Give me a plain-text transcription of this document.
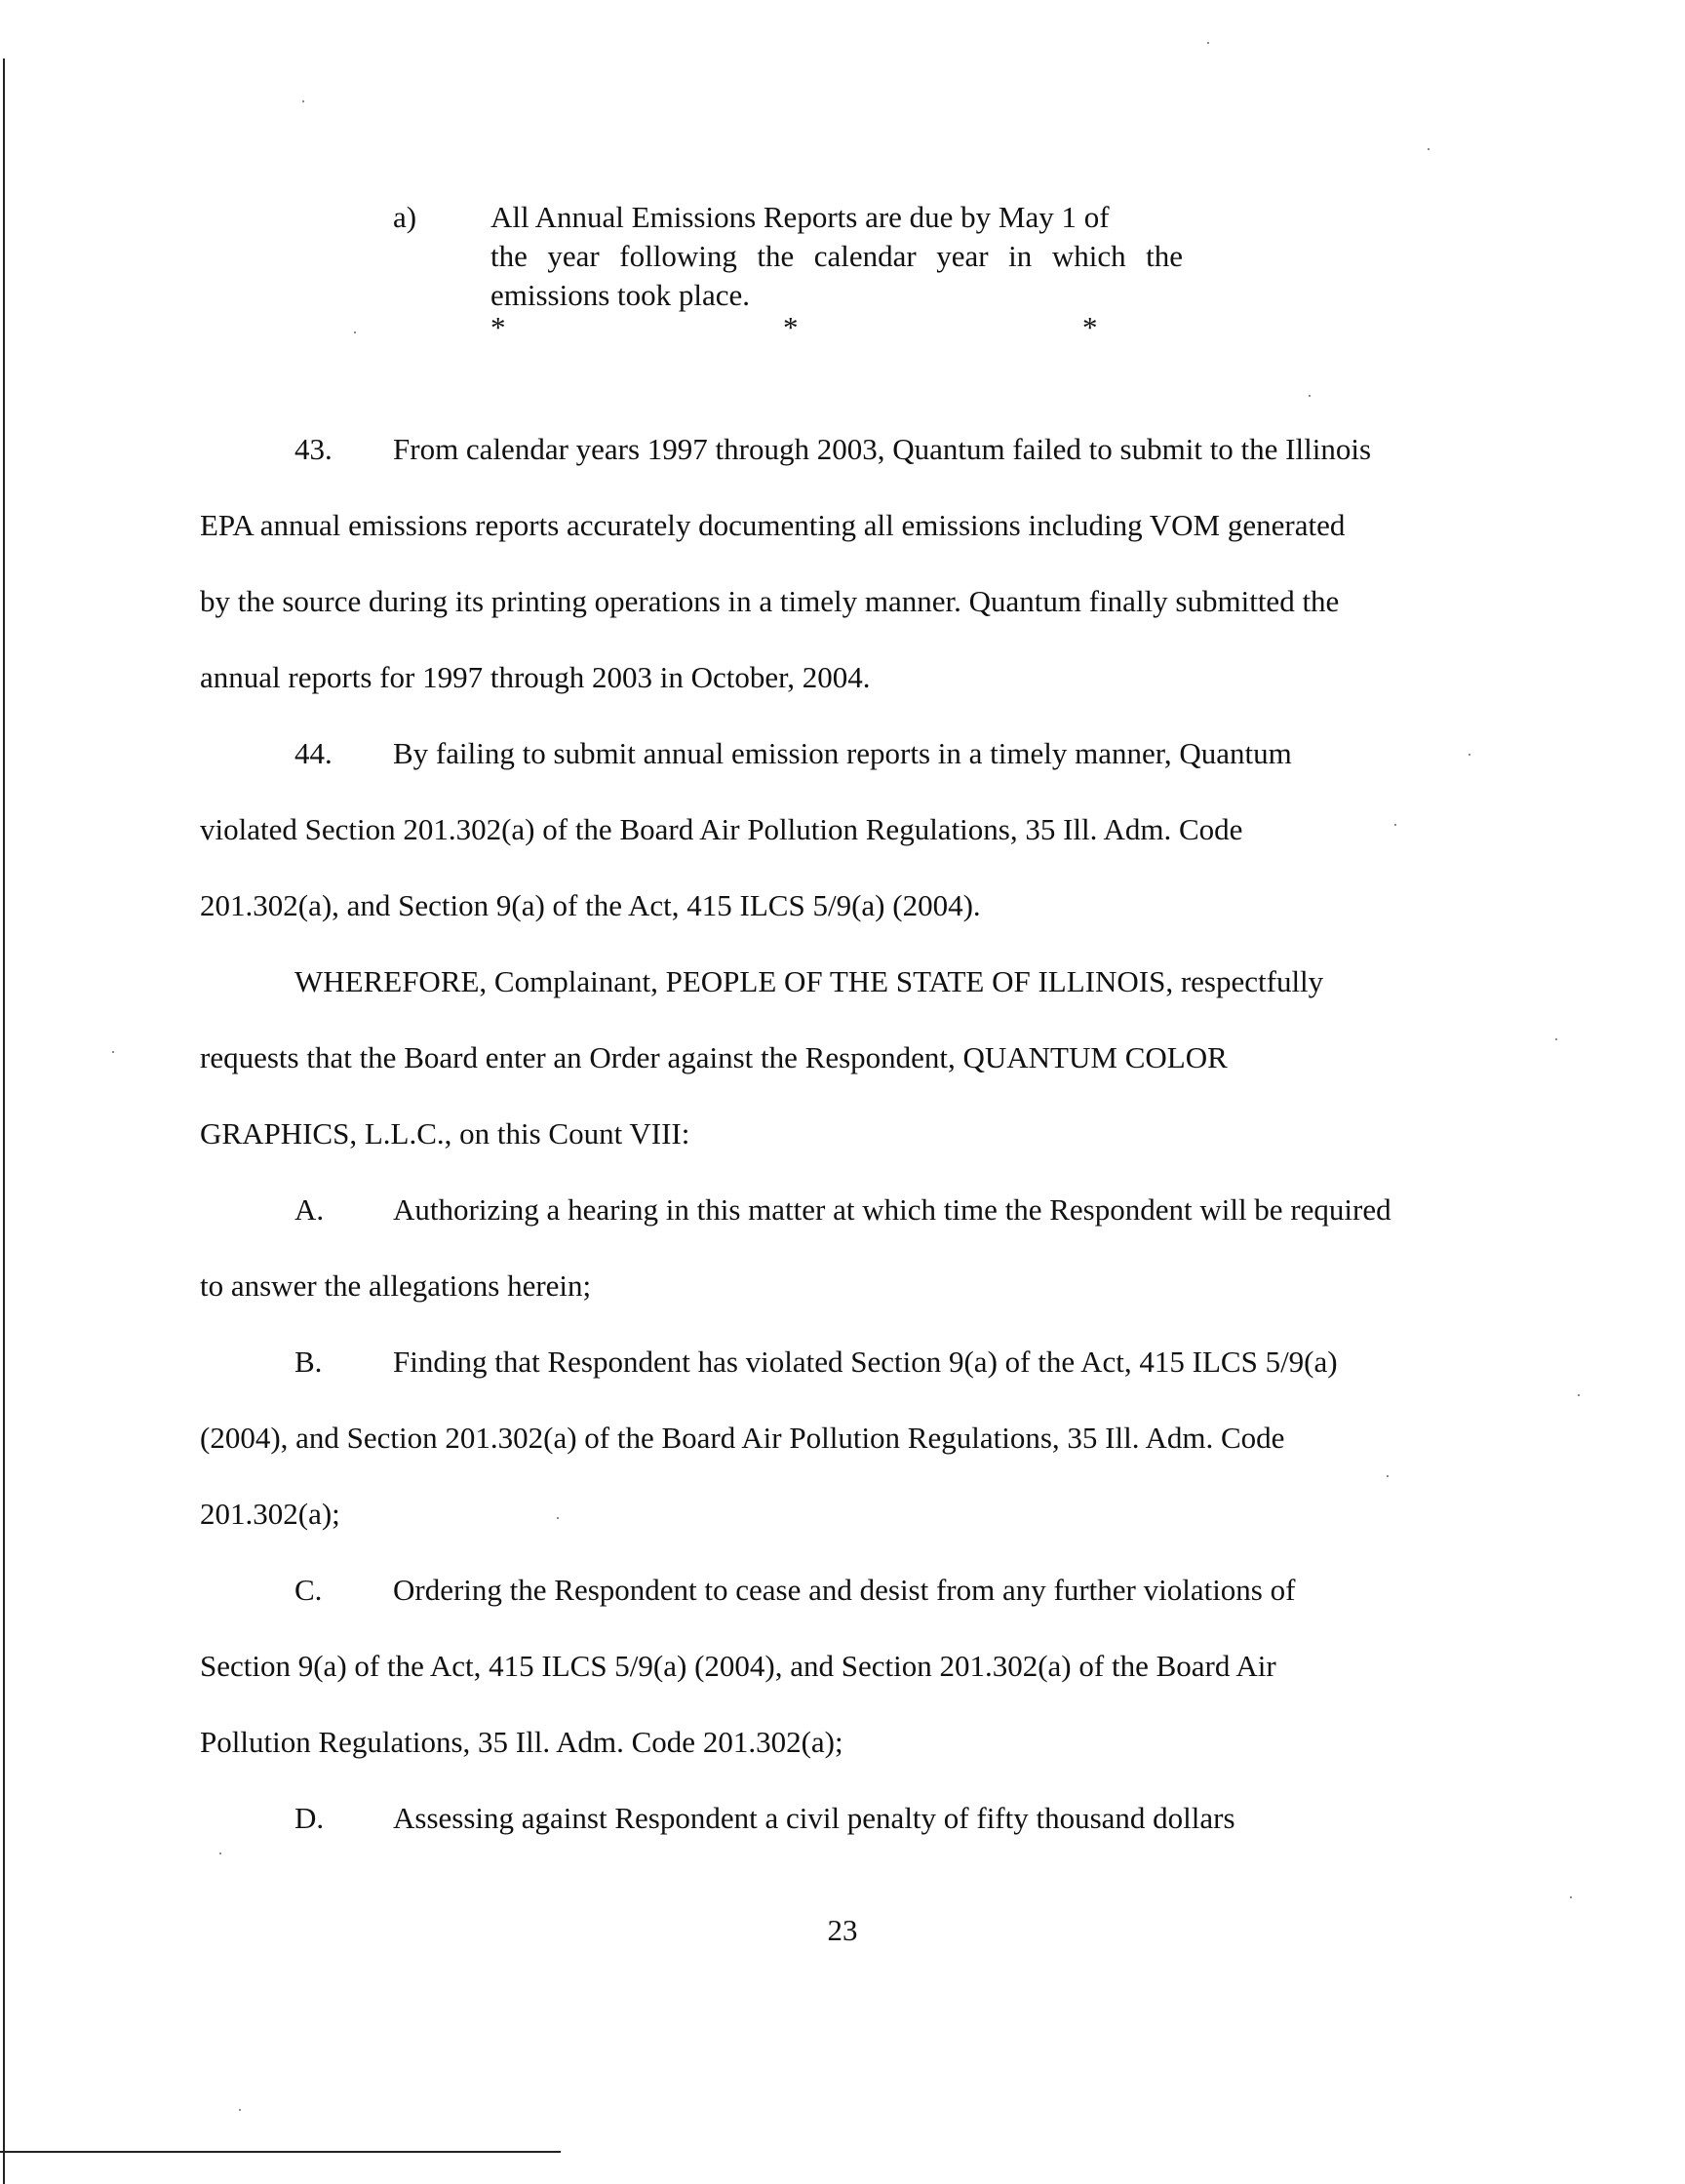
a) All Annual Emissions Reports are due by May 1 of
the year following the calendar year in which the
emissions took place.
*	*	*
43. From calendar years 1997 through 2003, Quantum failed to submit to the Illinois
EPA annual emissions reports accurately documenting all emissions including VOM generated
by the source during its printing operations in a timely manner. Quantum finally submitted the
annual reports for 1997 through 2003 in October, 2004.
44. By failing to submit annual emission reports in a timely manner, Quantum
violated Section 201.302(a) of the Board Air Pollution Regulations, 35 Ill. Adm. Code
201.302(a), and Section 9(a) of the Act, 415 ILCS 5/9(a) (2004).
WHEREFORE, Complainant, PEOPLE OF THE STATE OF ILLINOIS, respectfully
requests that the Board enter an Order against the Respondent, QUANTUM COLOR
GRAPHICS, L.L.C., on this Count VIII:
A. Authorizing a hearing in this matter at which time the Respondent will be required
to answer the allegations herein;
B. Finding that Respondent has violated Section 9(a) of the Act, 415 ILCS 5/9(a)
(2004), and Section 201.302(a) of the Board Air Pollution Regulations, 35 Ill. Adm. Code
201.302(a);
C. Ordering the Respondent to cease and desist from any further violations of
Section 9(a) of the Act, 415 ILCS 5/9(a) (2004), and Section 201.302(a) of the Board Air
Pollution Regulations, 35 Ill. Adm. Code 201.302(a);
D. Assessing against Respondent a civil penalty of fifty thousand dollars
23
